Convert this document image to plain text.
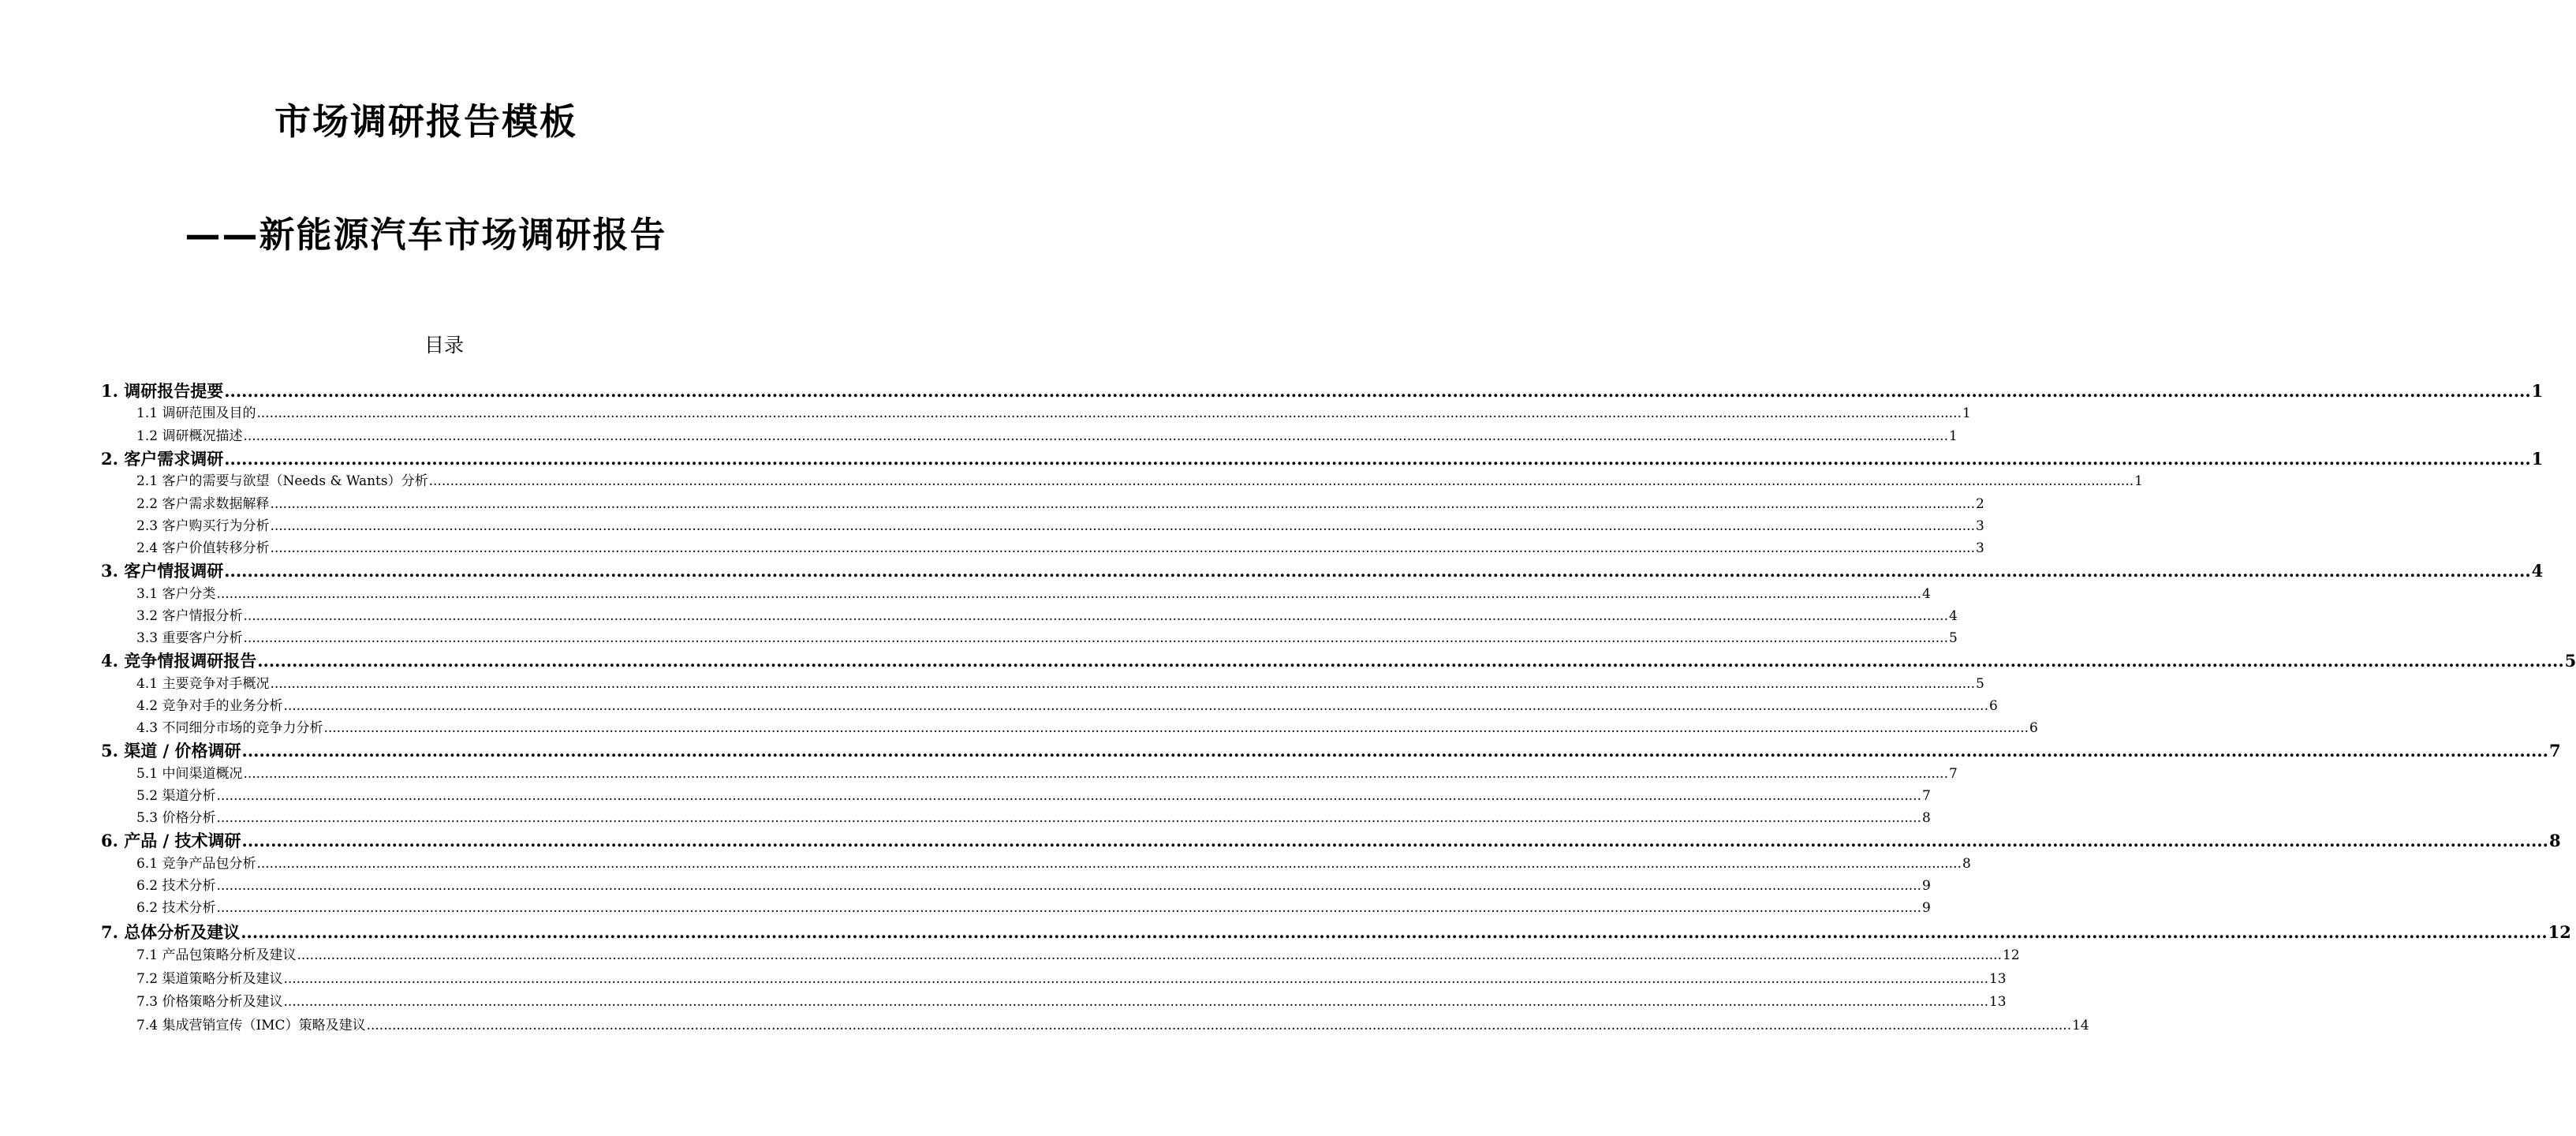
市场调研报告模板
——新能源汽车市场调研报告
目录
1. 调研报告提要 ................................................................................................................................................................................................................................................................................................................................................................................................................ 1
1.1 调研范围及目的 ................................................................................................................................................................................................................................................................................................................................................................................................................ 1
1.2 调研概况描述 ................................................................................................................................................................................................................................................................................................................................................................................................................ 1
2. 客户需求调研 ................................................................................................................................................................................................................................................................................................................................................................................................................ 1
2.1 客户的需要与欲望（Needs & Wants）分析 ................................................................................................................................................................................................................................................................................................................................................................................................................ 1
2.2 客户需求数据解释 ................................................................................................................................................................................................................................................................................................................................................................................................................ 2
2.3 客户购买行为分析 ................................................................................................................................................................................................................................................................................................................................................................................................................ 3
2.4 客户价值转移分析 ................................................................................................................................................................................................................................................................................................................................................................................................................ 3
3. 客户情报调研 ................................................................................................................................................................................................................................................................................................................................................................................................................ 4
3.1 客户分类 ................................................................................................................................................................................................................................................................................................................................................................................................................ 4
3.2 客户情报分析 ................................................................................................................................................................................................................................................................................................................................................................................................................ 4
3.3 重要客户分析 ................................................................................................................................................................................................................................................................................................................................................................................................................ 5
4. 竞争情报调研报告 ................................................................................................................................................................................................................................................................................................................................................................................................................ 5
4.1 主要竞争对手概况 ................................................................................................................................................................................................................................................................................................................................................................................................................ 5
4.2 竞争对手的业务分析 ................................................................................................................................................................................................................................................................................................................................................................................................................ 6
4.3 不同细分市场的竞争力分析 ................................................................................................................................................................................................................................................................................................................................................................................................................ 6
5. 渠道 / 价格调研 ................................................................................................................................................................................................................................................................................................................................................................................................................ 7
5.1 中间渠道概况 ................................................................................................................................................................................................................................................................................................................................................................................................................ 7
5.2 渠道分析 ................................................................................................................................................................................................................................................................................................................................................................................................................ 7
5.3 价格分析 ................................................................................................................................................................................................................................................................................................................................................................................................................ 8
6. 产品 / 技术调研 ................................................................................................................................................................................................................................................................................................................................................................................................................ 8
6.1 竞争产品包分析 ................................................................................................................................................................................................................................................................................................................................................................................................................ 8
6.2 技术分析 ................................................................................................................................................................................................................................................................................................................................................................................................................ 9
6.2 技术分析 ................................................................................................................................................................................................................................................................................................................................................................................................................ 9
7. 总体分析及建议 ................................................................................................................................................................................................................................................................................................................................................................................................................ 12
7.1 产品包策略分析及建议 ................................................................................................................................................................................................................................................................................................................................................................................................................ 12
7.2 渠道策略分析及建议 ................................................................................................................................................................................................................................................................................................................................................................................................................ 13
7.3 价格策略分析及建议 ................................................................................................................................................................................................................................................................................................................................................................................................................ 13
7.4 集成营销宣传（IMC）策略及建议 ................................................................................................................................................................................................................................................................................................................................................................................................................ 14
